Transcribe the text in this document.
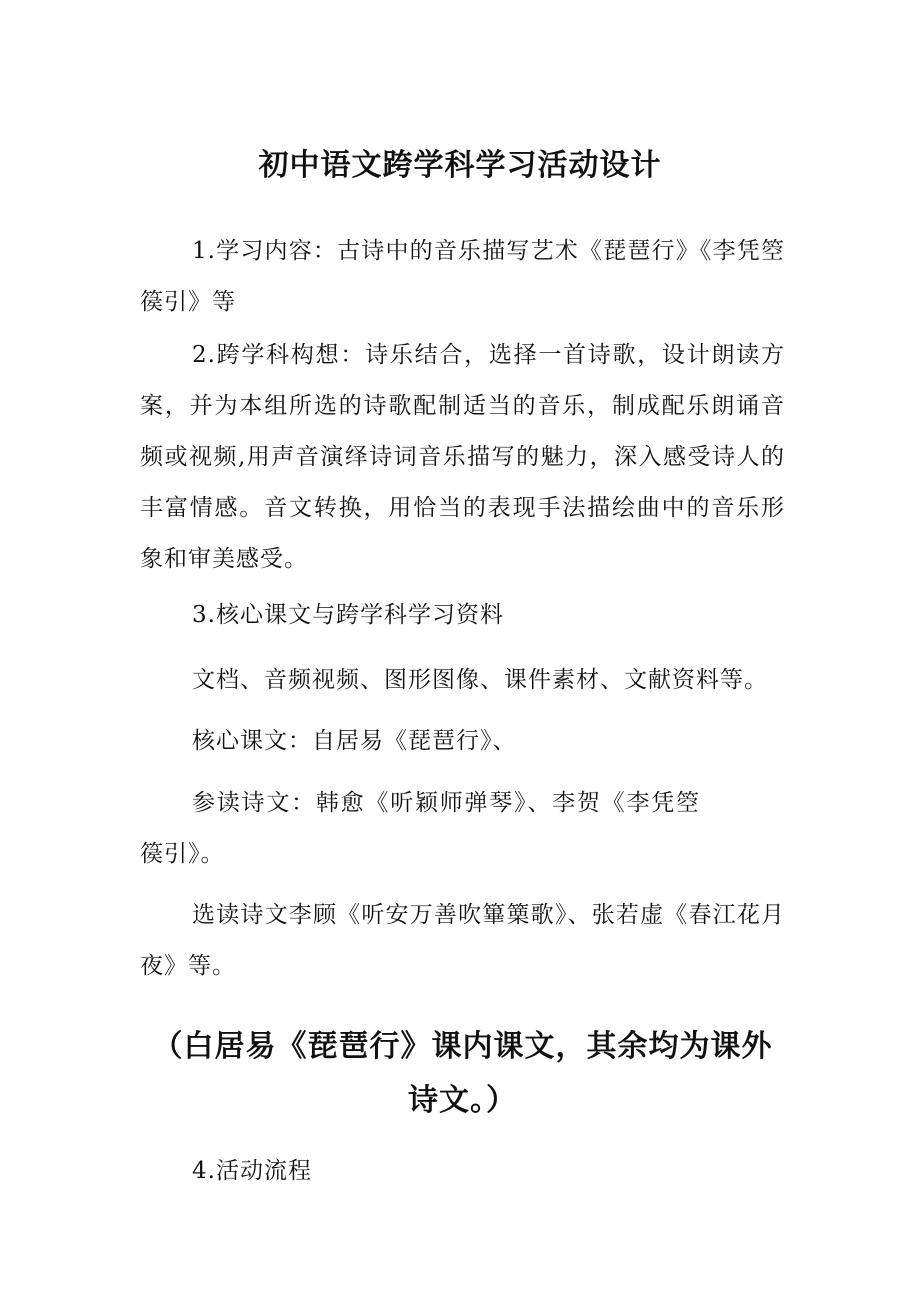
初中语文跨学科学习活动设计
1.学习内容：古诗中的音乐描写艺术《琵琶行》《李凭箜篌引》等
2.跨学科构想：诗乐结合，选择一首诗歌，设计朗读方案，并为本组所选的诗歌配制适当的音乐，制成配乐朗诵音频或视频,用声音演绎诗词音乐描写的魅力，深入感受诗人的丰富情感。音文转换，用恰当的表现手法描绘曲中的音乐形象和审美感受。
3.核心课文与跨学科学习资料
文档、音频视频、图形图像、课件素材、文献资料等。
核心课文：自居易《琵琶行》、
参读诗文：韩愈《听颖师弹琴》、李贺《李凭箜篌引》。
选读诗文李顾《听安万善吹篳篥歌》、张若虚《春江花月夜》等。
（白居易《琵琶行》课内课文，其余均为课外诗文。）
4.活动流程
